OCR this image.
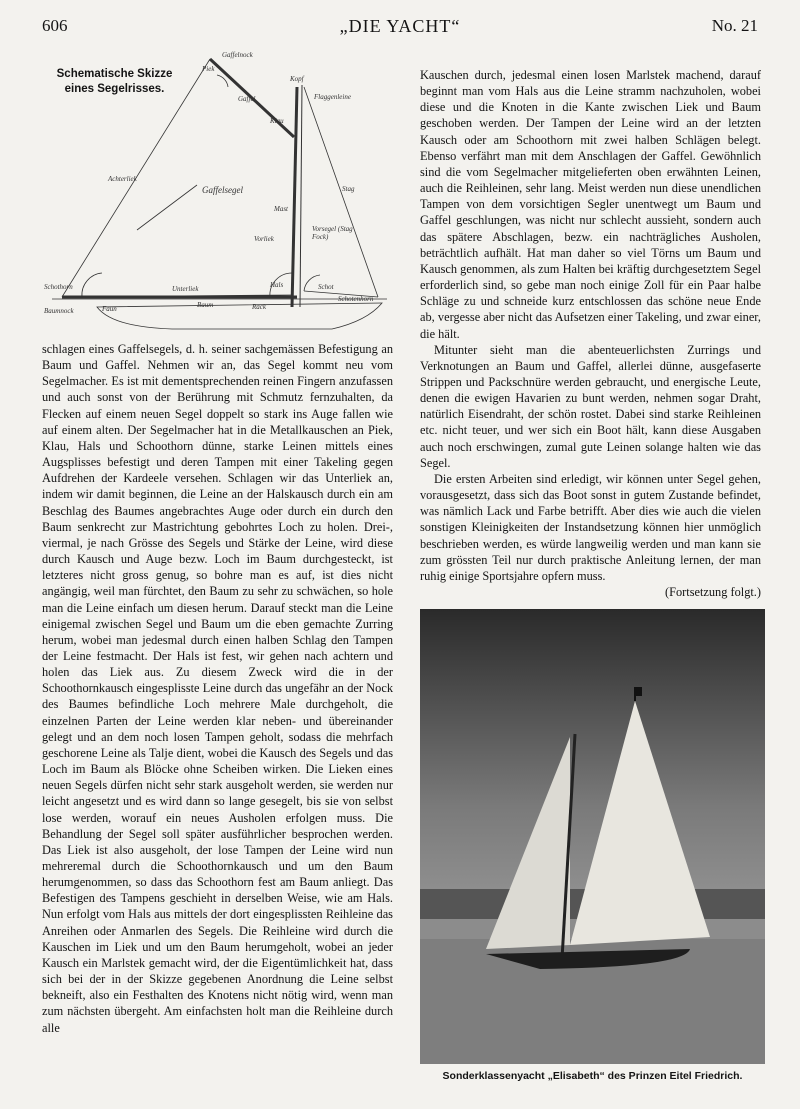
606	„DIE YACHT“	No. 21
Schematische Skizze eines Segelrisses.
Gaffelnock
Piek
Gaffel
Klau
Flaggenleine
Kopf
Achterliek
Gaffelsegel
Mast
Vorliek
Vorsegel (Stag Fock)
Stag
Schothorn
Baumnock
Unterliek
Baum
Hals	Schot
Rack
Faun
Schotenhorn

schlagen eines Gaffelsegels, d. h. seiner sachgemässen Befestigung an Baum und Gaffel. Nehmen wir an, das Segel kommt neu vom Segelmacher. Es ist mit dementsprechenden reinen Fingern anzufassen und auch sonst von der Berührung mit Schmutz fernzuhalten, da Flecken auf einem neuen Segel doppelt so stark ins Auge fallen wie auf einem alten. Der Segelmacher hat in die Metallkauschen an Piek, Klau, Hals und Schoothorn dünne, starke Leinen mittels eines Augsplisses befestigt und deren Tampen mit einer Takeling gegen Aufdrehen der Kardeele versehen. Schlagen wir das Unterliek an, indem wir damit beginnen, die Leine an der Halskausch durch ein am Beschlag des Baumes angebrachtes Auge oder durch ein durch den Baum senkrecht zur Mastrichtung gebohrtes Loch zu holen. Drei-, viermal, je nach Grösse des Segels und Stärke der Leine, wird diese durch Kausch und Auge bezw. Loch im Baum durchgesteckt, ist letzteres nicht gross genug, so bohre man es auf, ist dies nicht angängig, weil man fürchtet, den Baum zu sehr zu schwächen, so hole man die Leine einfach um diesen herum. Darauf steckt man die Leine einigemal zwischen Segel und Baum um die eben gemachte Zurring herum, wobei man jedesmal durch einen halben Schlag den Tampen der Leine festmacht. Der Hals ist fest, wir gehen nach achtern und holen das Liek aus. Zu diesem Zweck wird die in der Schoothornkausch eingesplisste Leine durch das ungefähr an der Nock des Baumes befindliche Loch mehrere Male durchgeholt, die einzelnen Parten der Leine werden klar neben- und übereinander gelegt und an dem noch losen Tampen geholt, sodass die mehrfach geschorene Leine als Talje dient, wobei die Kausch des Segels und das Loch im Baum als Blöcke ohne Scheiben wirken. Die Lieken eines neuen Segels dürfen nicht sehr stark ausgeholt werden, sie werden nur leicht angesetzt und es wird dann so lange gesegelt, bis sie von selbst lose werden, worauf ein neues Ausholen erfolgen muss. Die Behandlung der Segel soll später ausführlicher besprochen werden. Das Liek ist also ausgeholt, der lose Tampen der Leine wird nun mehreremal durch die Schoothornkausch und um den Baum herumgenommen, so dass das Schoothorn fest am Baum anliegt. Das Befestigen des Tampens geschieht in derselben Weise, wie am Hals. Nun erfolgt vom Hals aus mittels der dort eingesplissten Reihleine das Anreihen oder Anmarlen des Segels. Die Reihleine wird durch die Kauschen im Liek und um den Baum herumgeholt, wobei an jeder Kausch ein Marlstek gemacht wird, der die Eigentümlichkeit hat, dass sich bei der in der Skizze gegebenen Anordnung die Leine selbst bekneift, also ein Festhalten des Knotens nicht nötig wird, wenn man zum nächsten übergeht. Am einfachsten holt man die Reihleine durch alle

Kauschen durch, jedesmal einen losen Marlstek machend, darauf beginnt man vom Hals aus die Leine stramm nachzuholen, wobei diese und die Knoten in die Kante zwischen Liek und Baum geschoben werden. Der Tampen der Leine wird an der letzten Kausch oder am Schoothorn mit zwei halben Schlägen belegt. Ebenso verfährt man mit dem Anschlagen der Gaffel. Gewöhnlich sind die vom Segelmacher mitgelieferten oben erwähnten Leinen, auch die Reihleinen, sehr lang. Meist werden nun diese unendlichen Tampen von dem vorsichtigen Segler unentwegt um Baum und Gaffel geschlungen, was nicht nur schlecht aussieht, sondern auch das spätere Abschlagen, bezw. ein nachträgliches Ausholen, beträchtlich aufhält. Hat man daher so viel Törns um Baum und Kausch genommen, als zum Halten bei kräftig durchgesetztem Segel erforderlich sind, so gebe man noch einige Zoll für ein Paar halbe Schläge zu und schneide kurz entschlossen das schöne neue Ende ab, vergesse aber nicht das Aufsetzen einer Takeling, und zwar einer, die hält.

Mitunter sieht man die abenteuerlichsten Zurrings und Verknotungen an Baum und Gaffel, allerlei dünne, ausgefaserte Strippen und Packschnüre werden gebraucht, und energische Leute, denen die ewigen Havarien zu bunt werden, nehmen sogar Draht, natürlich Eisendraht, der schön rostet. Dabei sind starke Reihleinen etc. nicht teuer, und wer sich ein Boot hält, kann diese Ausgaben auch noch erschwingen, zumal gute Leinen solange halten wie das Segel.

Die ersten Arbeiten sind erledigt, wir können unter Segel gehen, vorausgesetzt, dass sich das Boot sonst in gutem Zustande befindet, was nämlich Lack und Farbe betrifft. Aber dies wie auch die vielen sonstigen Kleinigkeiten der Instandsetzung können hier unmöglich beschrieben werden, es würde langweilig werden und man kann sie zum grössten Teil nur durch praktische Anleitung lernen, der man ruhig einige Sportsjahre opfern muss.

(Fortsetzung folgt.)
Sonderklassenyacht „Elisabeth“ des Prinzen Eitel Friedrich.
